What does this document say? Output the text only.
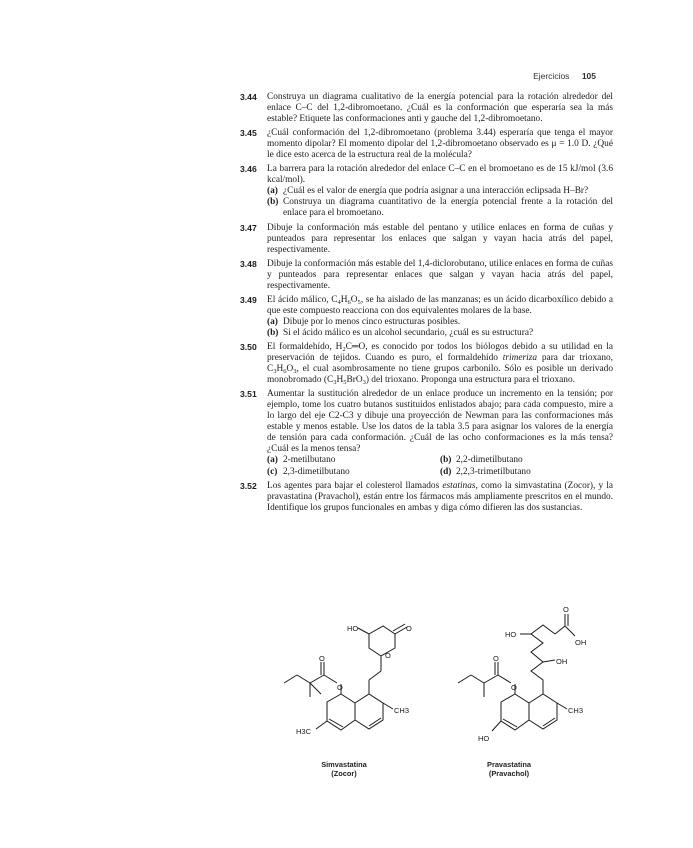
Ejercicios 105
3.44 Construya un diagrama cualitativo de la energía potencial para la rotación alrededor del enlace C–C del 1,2-dibromoetano. ¿Cuál es la conformación que esperaría sea la más estable? Etiquete las conformaciones anti y gauche del 1,2-dibromoetano.
3.45 ¿Cuál conformación del 1,2-dibromoetano (problema 3.44) esperaría que tenga el mayor momento dipolar? El momento dipolar del 1,2-dibromoetano observado es μ = 1.0 D. ¿Qué le dice esto acerca de la estructura real de la molécula?
3.46 La barrera para la rotación alrededor del enlace C–C en el bromoetano es de 15 kJ/mol (3.6 kcal/mol).
(a) ¿Cuál es el valor de energía que podría asignar a una interacción eclipsada H–Br?
(b) Construya un diagrama cuantitativo de la energía potencial frente a la rotación del enlace para el bromoetano.
3.47 Dibuje la conformación más estable del pentano y utilice enlaces en forma de cuñas y punteados para representar los enlaces que salgan y vayan hacia atrás del papel, respectivamente.
3.48 Dibuje la conformación más estable del 1,4-diclorobutano, utilice enlaces en forma de cuñas y punteados para representar enlaces que salgan y vayan hacia atrás del papel, respectivamente.
3.49 El ácido málico, $C_4H_6O_5$, se ha aislado de las manzanas; es un ácido dicarboxílico debido a que este compuesto reacciona con dos equivalentes molares de la base.
(a) Dibuje por lo menos cinco estructuras posibles.
(b) Si el ácido málico es un alcohol secundario, ¿cuál es su estructura?
3.50 El formaldehído, $H_2C═O$, es conocido por todos los biólogos debido a su utilidad en la preservación de tejidos. Cuando es puro, el formaldehído trimeriza para dar trioxano, $C_3H_6O_3$, el cual asombrosamente no tiene grupos carbonilo. Sólo es posible un derivado monobromado $(C_3H_5BrO_3)$ del trioxano. Proponga una estructura para el trioxano.
3.51 Aumentar la sustitución alrededor de un enlace produce un incremento en la tensión; por ejemplo, tome los cuatro butanos sustituidos enlistados abajo; para cada compuesto, mire a lo largo del eje C2-C3 y dibuje una proyección de Newman para las conformaciones más estable y menos estable. Use los datos de la tabla 3.5 para asignar los valores de la energía de tensión para cada conformación. ¿Cuál de las ocho conformaciones es la más tensa? ¿Cuál es la menos tensa?
(a) 2-metilbutano	(b) 2,2-dimetilbutano
(c) 2,3-dimetilbutano	(d) 2,2,3-trimetilbutano
3.52 Los agentes para bajar el colesterol llamados estatinas, como la simvastatina (Zocor), y la pravastatina (Pravachol), están entre los fármacos más ampliamente prescritos en el mundo. Identifique los grupos funcionales en ambas y diga cómo difieren las dos sustancias.
HO	O
O
O
O
CH3
H3C
HO
O
OH
OH
O
O
CH3
HO
Simvastatina
(Zocor)
Pravastatina
(Pravachol)
